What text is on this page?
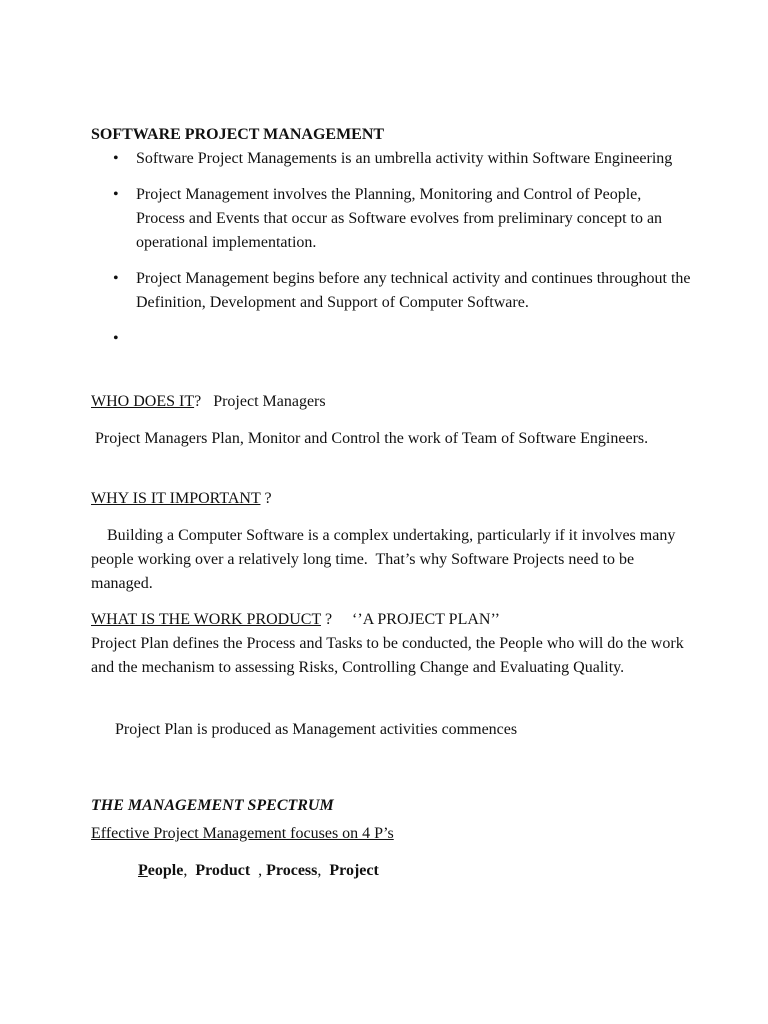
SOFTWARE PROJECT MANAGEMENT
• Software Project Managements is an umbrella activity within Software Engineering
• Project Management involves the Planning, Monitoring and Control of People, Process and Events that occur as Software evolves from preliminary concept to an operational implementation.
• Project Management begins before any technical activity and continues throughout the Definition, Development and Support of Computer Software.
•
WHO DOES IT?   Project Managers
Project Managers Plan, Monitor and Control the work of Team of Software Engineers.
WHY IS IT IMPORTANT ?
Building a Computer Software is a complex undertaking, particularly if it involves many people working over a relatively long time.  That’s why Software Projects need to be managed.
WHAT IS THE WORK PRODUCT ?     ‘’A PROJECT PLAN’’
Project Plan defines the Process and Tasks to be conducted, the People who will do the work and the mechanism to assessing Risks, Controlling Change and Evaluating Quality.
Project Plan is produced as Management activities commences
THE MANAGEMENT SPECTRUM
Effective Project Management focuses on 4 P’s
People,  Product  , Process,  Project
